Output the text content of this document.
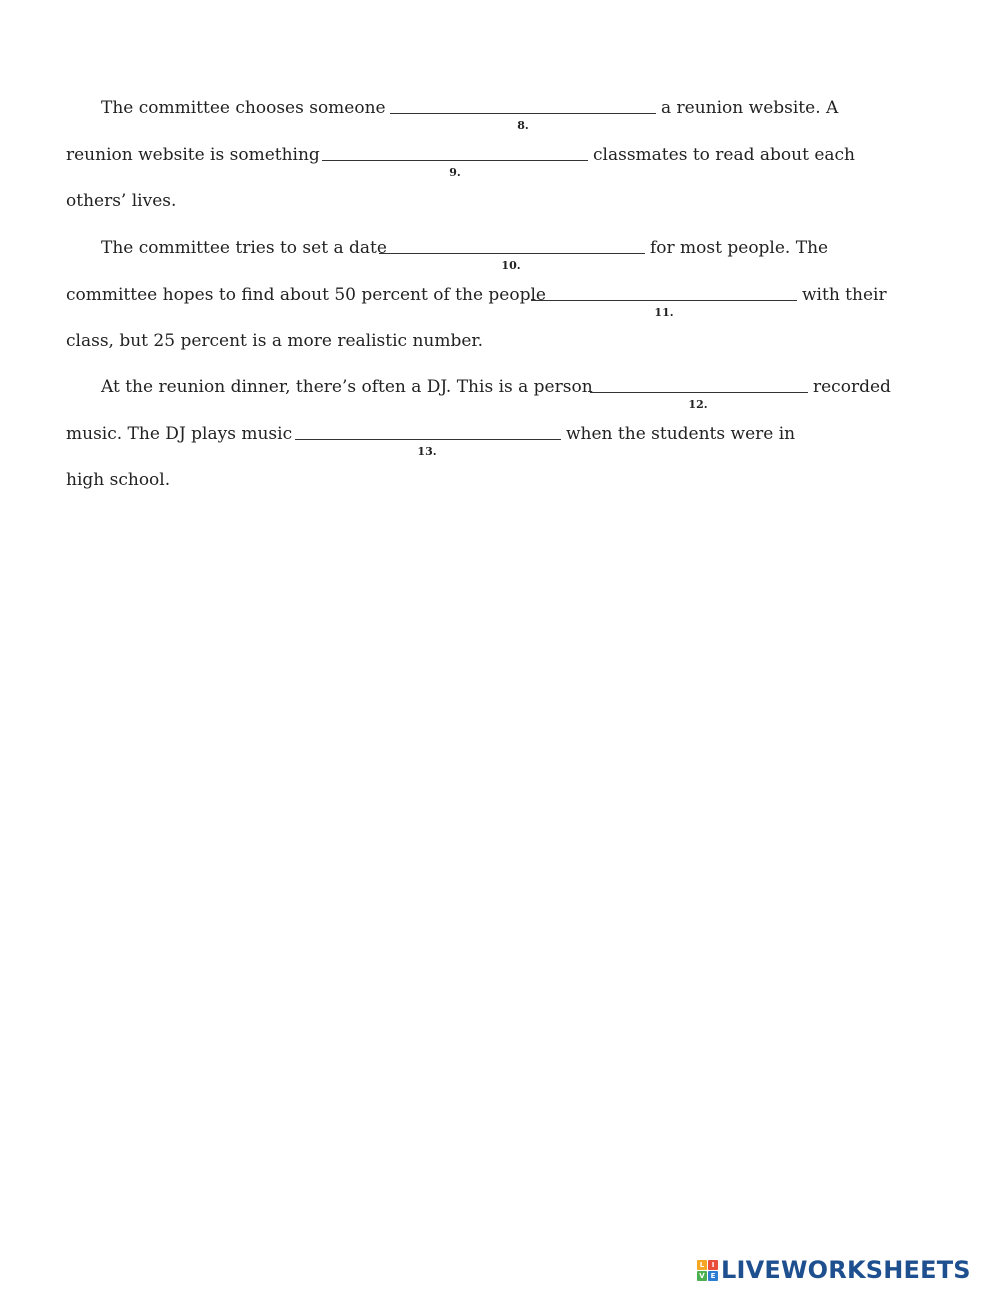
The committee chooses someone
8.
a reunion website. A
reunion website is something
9.
classmates to read about each
others’ lives.
The committee tries to set a date
10.
for most people. The
committee hopes to find about 50 percent of the people
11.
with their
class, but 25 percent is a more realistic number.
At the reunion dinner, there’s often a DJ. This is a person
12.
recorded
music. The DJ plays music
13.
when the students were in
high school.
L	I
V E LIVEWORKSHEETS
